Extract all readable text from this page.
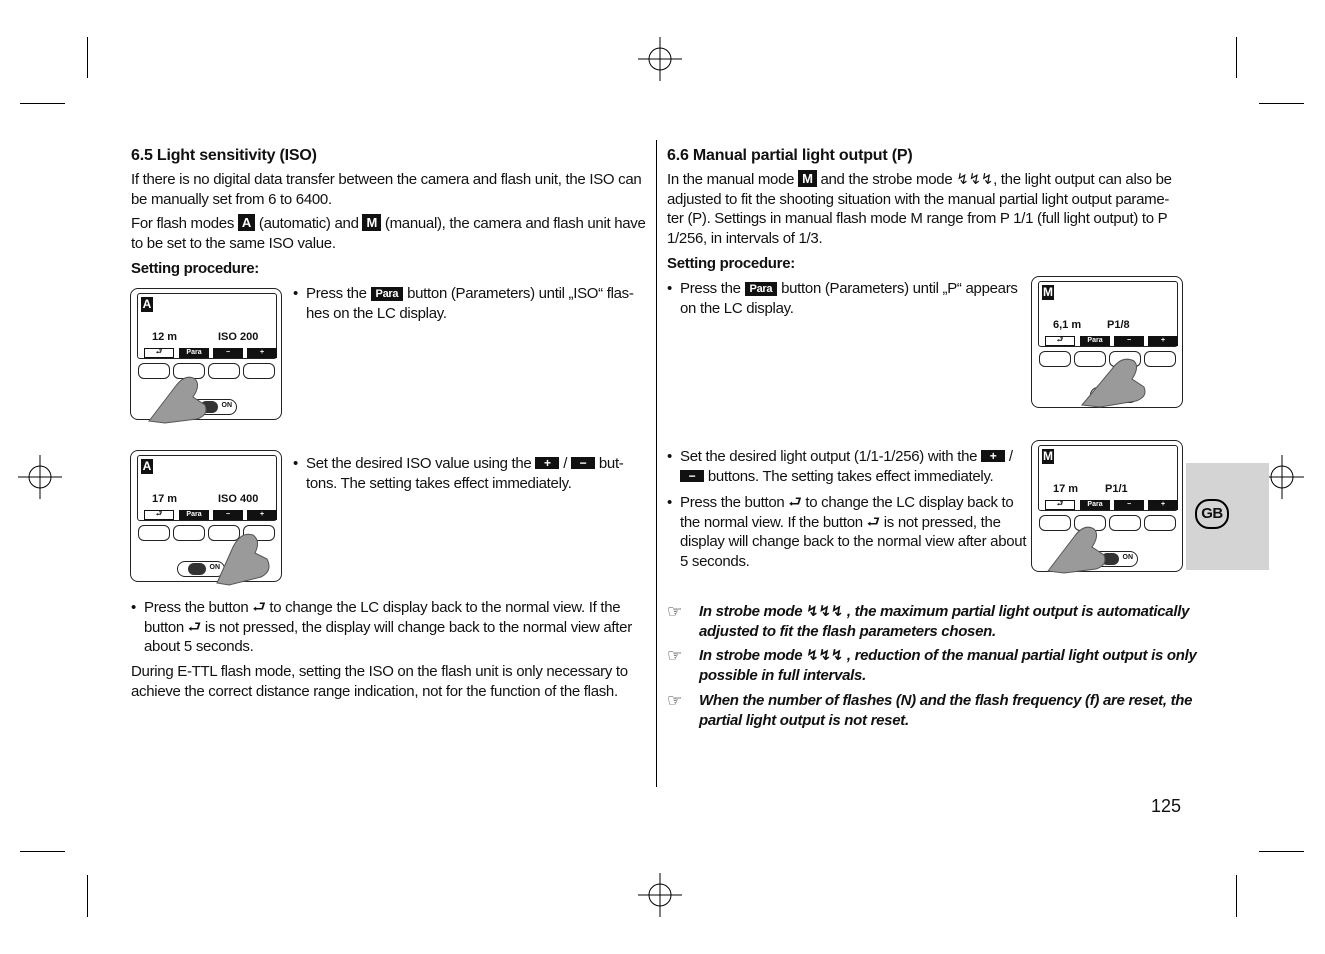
6.5 Light sensitivity (ISO)
If there is no digital data transfer between the camera and flash unit, the ISO can be manually set from 6 to 6400.
For flash modes A (automatic) and M (manual), the camera and flash unit have to be set to the same ISO value.
Setting procedure:
• Press the Para button (Parameters) until „ISO“ flas-hes on the LC display.
• Set the desired ISO value using the + / − but-tons. The setting takes effect immediately.
• Press the button ⮐ to change the LC display back to the normal view. If the button ⮐ is not pressed, the display will change back to the normal view after about 5 seconds.
During E-TTL flash mode, setting the ISO on the flash unit is only necessary to achieve the correct distance range indication, not for the function of the flash.
6.6 Manual partial light output (P)
In the manual mode M and the strobe mode ↯↯↯, the light output can also be adjusted to fit the shooting situation with the manual partial light output parame-ter (P). Settings in manual flash mode M range from P 1/1 (full light output) to P 1/256, in intervals of 1/3.
Setting procedure:
• Press the Para button (Parameters) until „P“ appears on the LC display.
• Set the desired light output (1/1-1/256) with the + / − buttons. The setting takes effect immediately.
• Press the button ⮐ to change the LC display back to the normal view. If the button ⮐ is not pressed, the display will change back to the normal view after about 5 seconds.
☞ In strobe mode ↯↯↯ , the maximum partial light output is automatically adjusted to fit the flash parameters chosen.
☞ In strobe mode ↯↯↯ , reduction of the manual partial light output is only possible in full intervals.
☞ When the number of flashes (N) and the flash frequency (f) are reset, the partial light output is not reset.
A
12 m	ISO 200
⮐	Para	−	+
ON
A
17 m	ISO 400
⮐	Para	−	+
ON
M
6,1 m P1/8
⮐	Para	−	+
M
17 m P1/1
⮐	Para	−	+
ON
GB
125
